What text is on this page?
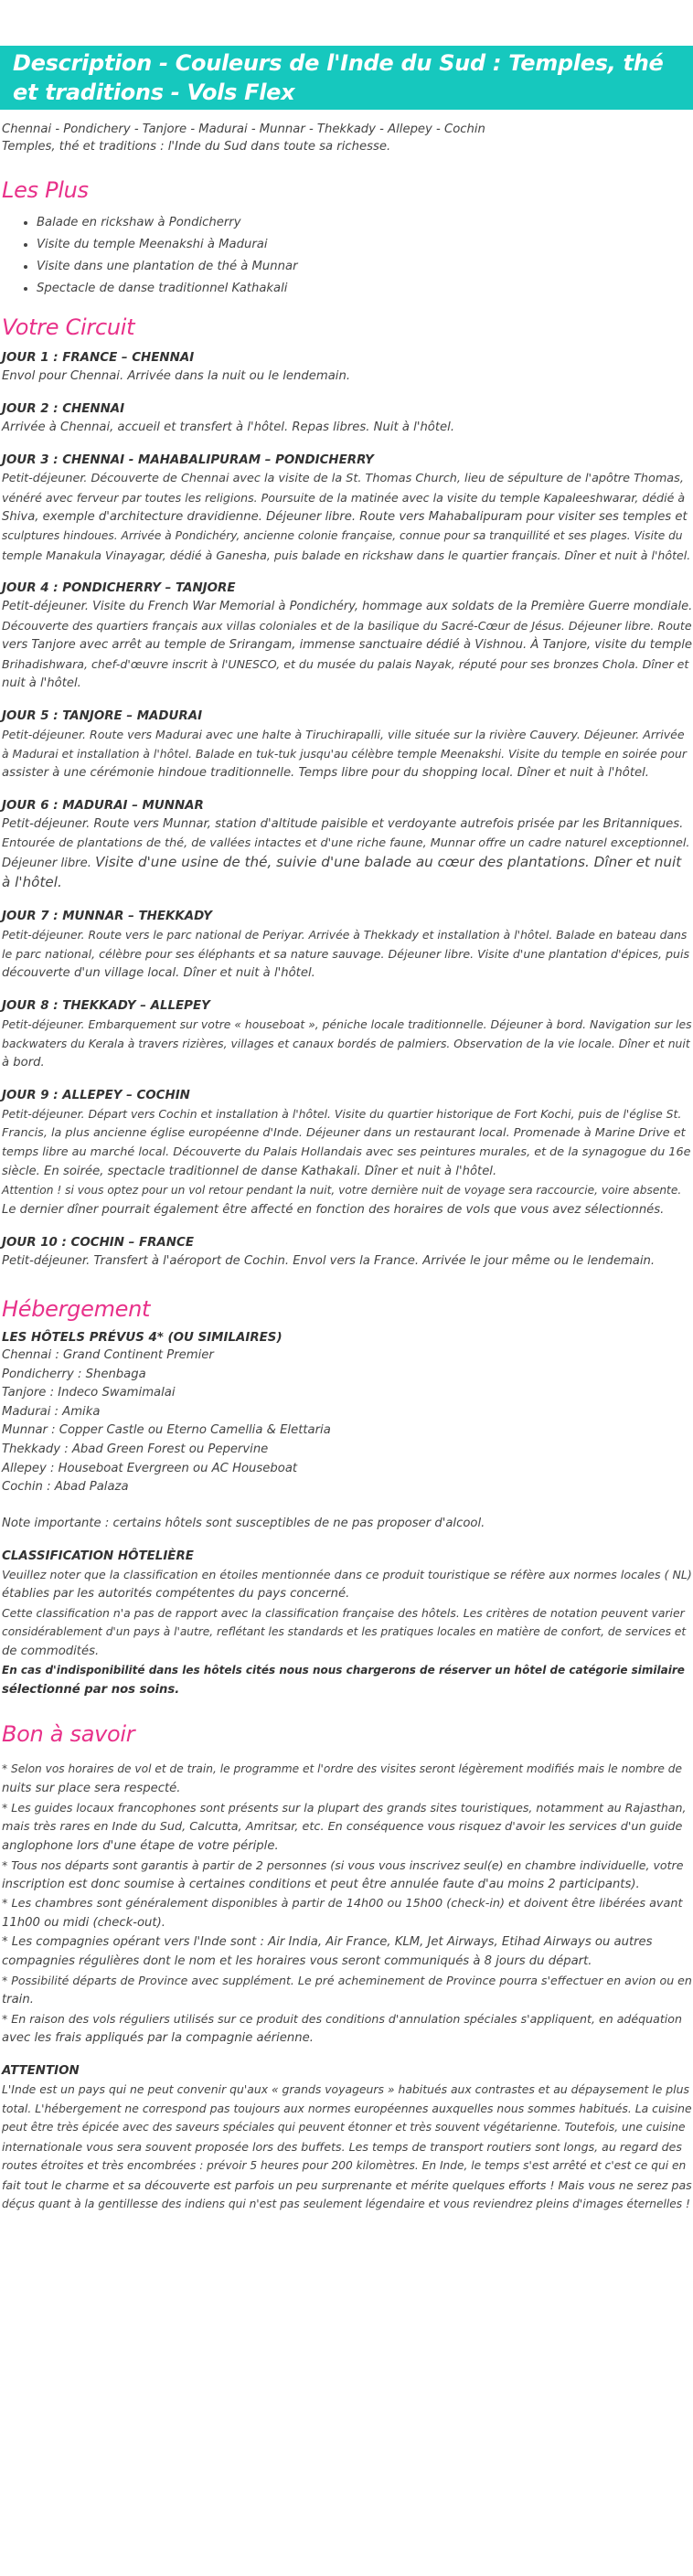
Description - Couleurs de l'Inde du Sud : Temples, thé et traditions - Vols Flex

Chennai - Pondichery - Tanjore - Madurai - Munnar - Thekkady - Allepey - Cochin

Temples, thé et traditions : l'Inde du Sud dans toute sa richesse.

Les Plus
• Balade en rickshaw à Pondicherry
• Visite du temple Meenakshi à Madurai
• Visite dans une plantation de thé à Munnar
• Spectacle de danse traditionnel Kathakali
Votre Circuit

JOUR 1 : FRANCE – CHENNAI

Envol pour Chennai. Arrivée dans la nuit ou le lendemain.

JOUR 2 : CHENNAI

Arrivée à Chennai, accueil et transfert à l'hôtel. Repas libres. Nuit à l'hôtel.

JOUR 3 : CHENNAI - MAHABALIPURAM – PONDICHERRY

Petit-déjeuner. Découverte de Chennai avec la visite de la St. Thomas Church, lieu de sépulture de l'apôtre Thomas,

vénéré avec ferveur par toutes les religions. Poursuite de la matinée avec la visite du temple Kapaleeshwarar, dédié à

Shiva, exemple d'architecture dravidienne. Déjeuner libre. Route vers Mahabalipuram pour visiter ses temples et

sculptures hindoues. Arrivée à Pondichéry, ancienne colonie française, connue pour sa tranquillité et ses plages. Visite du

temple Manakula Vinayagar, dédié à Ganesha, puis balade en rickshaw dans le quartier français. Dîner et nuit à l'hôtel.

JOUR 4 : PONDICHERRY – TANJORE

Petit-déjeuner. Visite du French War Memorial à Pondichéry, hommage aux soldats de la Première Guerre mondiale.

Découverte des quartiers français aux villas coloniales et de la basilique du Sacré-Cœur de Jésus. Déjeuner libre. Route

vers Tanjore avec arrêt au temple de Srirangam, immense sanctuaire dédié à Vishnou. À Tanjore, visite du temple

Brihadishwara, chef-d'œuvre inscrit à l'UNESCO, et du musée du palais Nayak, réputé pour ses bronzes Chola. Dîner et

nuit à l'hôtel.

JOUR 5 : TANJORE – MADURAI

Petit-déjeuner. Route vers Madurai avec une halte à Tiruchirapalli, ville située sur la rivière Cauvery. Déjeuner. Arrivée

à Madurai et installation à l'hôtel. Balade en tuk-tuk jusqu'au célèbre temple Meenakshi. Visite du temple en soirée pour

assister à une cérémonie hindoue traditionnelle. Temps libre pour du shopping local. Dîner et nuit à l'hôtel.

JOUR 6 : MADURAI – MUNNAR

Petit-déjeuner. Route vers Munnar, station d'altitude paisible et verdoyante autrefois prisée par les Britanniques.

Entourée de plantations de thé, de vallées intactes et d'une riche faune, Munnar offre un cadre naturel exceptionnel.

Déjeuner libre. Visite d'une usine de thé, suivie d'une balade au cœur des plantations. Dîner et nuit

à l'hôtel.

JOUR 7 : MUNNAR – THEKKADY

Petit-déjeuner. Route vers le parc national de Periyar. Arrivée à Thekkady et installation à l'hôtel. Balade en bateau dans

le parc national, célèbre pour ses éléphants et sa nature sauvage. Déjeuner libre. Visite d'une plantation d'épices, puis

découverte d'un village local. Dîner et nuit à l'hôtel.

JOUR 8 : THEKKADY – ALLEPEY

Petit-déjeuner. Embarquement sur votre « houseboat », péniche locale traditionnelle. Déjeuner à bord. Navigation sur les

backwaters du Kerala à travers rizières, villages et canaux bordés de palmiers. Observation de la vie locale. Dîner et nuit

à bord.

JOUR 9 : ALLEPEY – COCHIN

Petit-déjeuner. Départ vers Cochin et installation à l'hôtel. Visite du quartier historique de Fort Kochi, puis de l'église St.

Francis, la plus ancienne église européenne d'Inde. Déjeuner dans un restaurant local. Promenade à Marine Drive et

temps libre au marché local. Découverte du Palais Hollandais avec ses peintures murales, et de la synagogue du 16e

siècle. En soirée, spectacle traditionnel de danse Kathakali. Dîner et nuit à l'hôtel.

Attention ! si vous optez pour un vol retour pendant la nuit, votre dernière nuit de voyage sera raccourcie, voire absente.

Le dernier dîner pourrait également être affecté en fonction des horaires de vols que vous avez sélectionnés.

JOUR 10 : COCHIN – FRANCE

Petit-déjeuner. Transfert à l'aéroport de Cochin. Envol vers la France. Arrivée le jour même ou le lendemain.

Hébergement

LES HÔTELS PRÉVUS 4* (OU SIMILAIRES)

Chennai : Grand Continent Premier

Pondicherry : Shenbaga

Tanjore : Indeco Swamimalai

Madurai : Amika

Munnar : Copper Castle ou Eterno Camellia & Elettaria

Thekkady : Abad Green Forest ou Pepervine

Allepey : Houseboat Evergreen ou AC Houseboat

Cochin : Abad Palaza

Note importante : certains hôtels sont susceptibles de ne pas proposer d'alcool.

CLASSIFICATION HÔTELIÈRE

Veuillez noter que la classification en étoiles mentionnée dans ce produit touristique se réfère aux normes locales ( NL)

établies par les autorités compétentes du pays concerné.

Cette classification n'a pas de rapport avec la classification française des hôtels. Les critères de notation peuvent varier

considérablement d'un pays à l'autre, reflétant les standards et les pratiques locales en matière de confort, de services et

de commodités.

En cas d'indisponibilité dans les hôtels cités nous nous chargerons de réserver un hôtel de catégorie similaire

sélectionné par nos soins.

Bon à savoir

* Selon vos horaires de vol et de train, le programme et l'ordre des visites seront légèrement modifiés mais le nombre de

nuits sur place sera respecté.

* Les guides locaux francophones sont présents sur la plupart des grands sites touristiques, notamment au Rajasthan,

mais très rares en Inde du Sud, Calcutta, Amritsar, etc. En conséquence vous risquez d'avoir les services d'un guide

anglophone lors d'une étape de votre périple.

* Tous nos départs sont garantis à partir de 2 personnes (si vous vous inscrivez seul(e) en chambre individuelle, votre

inscription est donc soumise à certaines conditions et peut être annulée faute d'au moins 2 participants).

* Les chambres sont généralement disponibles à partir de 14h00 ou 15h00 (check-in) et doivent être libérées avant

11h00 ou midi (check-out).

* Les compagnies opérant vers l'Inde sont : Air India, Air France, KLM, Jet Airways, Etihad Airways ou autres

compagnies régulières dont le nom et les horaires vous seront communiqués à 8 jours du départ.

* Possibilité départs de Province avec supplément. Le pré acheminement de Province pourra s'effectuer en avion ou en

train.

* En raison des vols réguliers utilisés sur ce produit des conditions d'annulation spéciales s'appliquent, en adéquation

avec les frais appliqués par la compagnie aérienne.

ATTENTION

L'Inde est un pays qui ne peut convenir qu'aux « grands voyageurs » habitués aux contrastes et au dépaysement le plus

total. L'hébergement ne correspond pas toujours aux normes européennes auxquelles nous sommes habitués. La cuisine

peut être très épicée avec des saveurs spéciales qui peuvent étonner et très souvent végétarienne. Toutefois, une cuisine

internationale vous sera souvent proposée lors des buffets. Les temps de transport routiers sont longs, au regard des

routes étroites et très encombrées : prévoir 5 heures pour 200 kilomètres. En Inde, le temps s'est arrêté et c'est ce qui en

fait tout le charme et sa découverte est parfois un peu surprenante et mérite quelques efforts ! Mais vous ne serez pas

déçus quant à la gentillesse des indiens qui n'est pas seulement légendaire et vous reviendrez pleins d'images éternelles !
